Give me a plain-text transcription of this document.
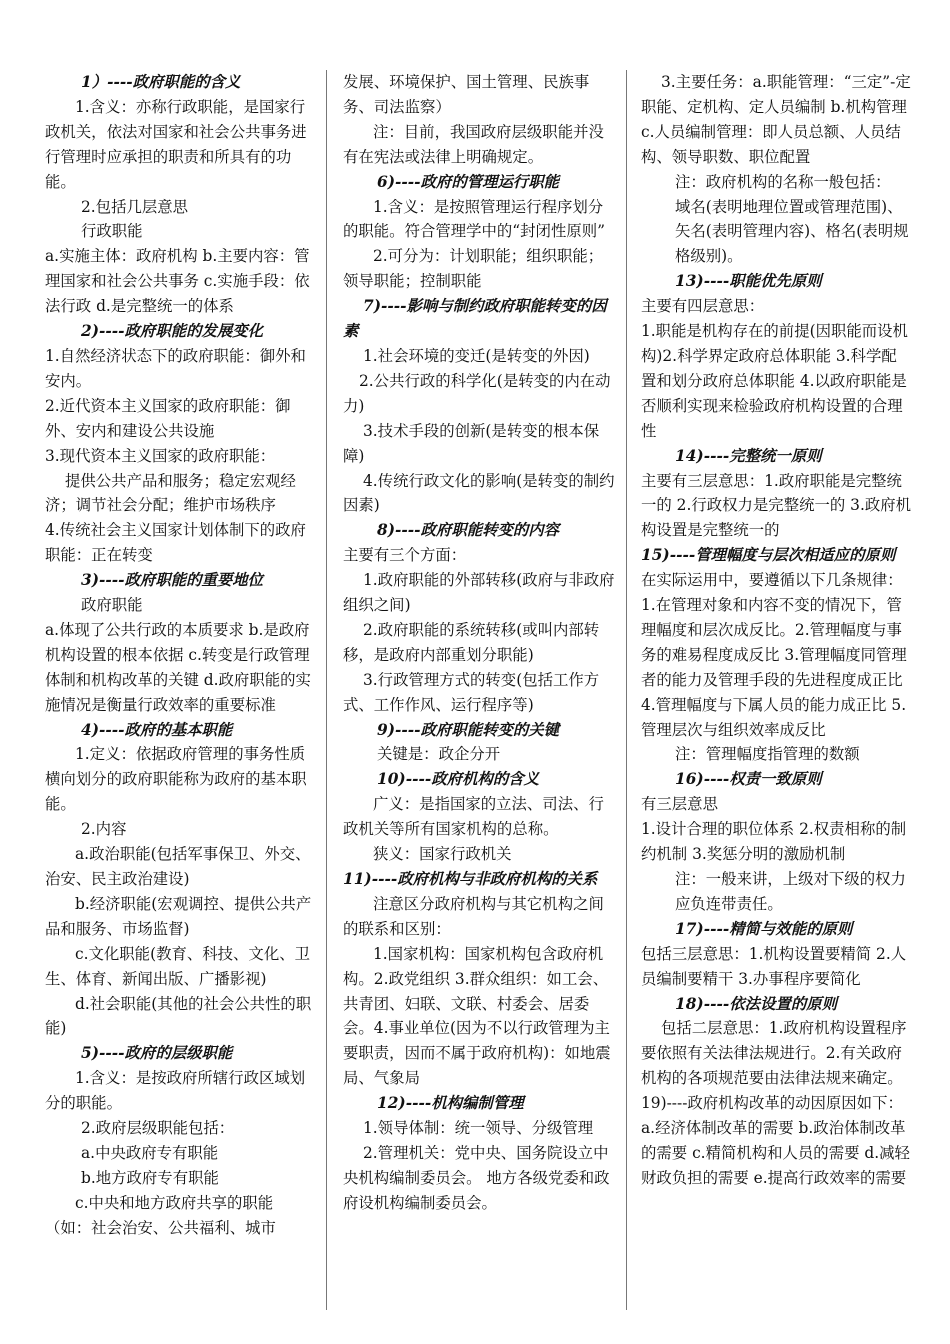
1）----政府职能的含义

1.含义：亦称行政职能，是国家行政机关，依法对国家和社会公共事务进行管理时应承担的职责和所具有的功能。

2.包括几层意思

行政职能

a.实施主体：政府机构 b.主要内容：管理国家和社会公共事务 c.实施手段：依法行政 d.是完整统一的体系

2)----政府职能的发展变化

1.自然经济状态下的政府职能：御外和安内。

2.近代资本主义国家的政府职能：御外、安内和建设公共设施

3.现代资本主义国家的政府职能：

提供公共产品和服务；稳定宏观经济；调节社会分配；维护市场秩序

4.传统社会主义国家计划体制下的政府职能：正在转变

3)----政府职能的重要地位

政府职能

a.体现了公共行政的本质要求 b.是政府机构设置的根本依据 c.转变是行政管理体制和机构改革的关键 d.政府职能的实施情况是衡量行政效率的重要标准

4)----政府的基本职能

1.定义：依据政府管理的事务性质横向划分的政府职能称为政府的基本职能。

2.内容

a.政治职能(包括军事保卫、外交、治安、民主政治建设)

b.经济职能(宏观调控、提供公共产品和服务、市场监督)

c.文化职能(教育、科技、文化、卫生、体育、新闻出版、广播影视)

d.社会职能(其他的社会公共性的职能)

5)----政府的层级职能

1.含义：是按政府所辖行政区域划分的职能。

2.政府层级职能包括：

a.中央政府专有职能

b.地方政府专有职能

c.中央和地方政府共享的职能（如：社会治安、公共福利、城市

发展、环境保护、国土管理、民族事务、司法监察）

注：目前，我国政府层级职能并没有在宪法或法律上明确规定。

6)----政府的管理运行职能

1.含义：是按照管理运行程序划分的职能。符合管理学中的“封闭性原则”

2.可分为：计划职能；组织职能；

领导职能；控制职能

7)----影响与制约政府职能转变的因素

1.社会环境的变迁(是转变的外因)

2.公共行政的科学化(是转变的内在动力)

3.技术手段的创新(是转变的根本保障)

4.传统行政文化的影响(是转变的制约因素)

8)----政府职能转变的内容

主要有三个方面：

1.政府职能的外部转移(政府与非政府组织之间)

2.政府职能的系统转移(或叫内部转移，是政府内部重划分职能)

3.行政管理方式的转变(包括工作方式、工作作风、运行程序等)

9)----政府职能转变的关键

关键是：政企分开

10)----政府机构的含义

广义：是指国家的立法、司法、行政机关等所有国家机构的总称。

狭义：国家行政机关

11)----政府机构与非政府机构的关系

注意区分政府机构与其它机构之间的联系和区别：

1.国家机构：国家机构包含政府机构。2.政党组织 3.群众组织：如工会、共青团、妇联、文联、村委会、居委会。4.事业单位(因为不以行政管理为主要职责，因而不属于政府机构)：如地震局、气象局

12)----机构编制管理

1.领导体制：统一领导、分级管理

2.管理机关：党中央、国务院设立中央机构编制委员会。 地方各级党委和政府设机构编制委员会。

3.主要任务：a.职能管理：“三定”-定职能、定机构、定人员编制 b.机构管理 c.人员编制管理：即人员总额、人员结构、领导职数、职位配置

注：政府机构的名称一般包括：

域名(表明地理位置或管理范围)、矢名(表明管理内容)、格名(表明规格级别)。

13)----职能优先原则

主要有四层意思：

1.职能是机构存在的前提(因职能而设机构)2.科学界定政府总体职能 3.科学配置和划分政府总体职能 4.以政府职能是否顺利实现来检验政府机构设置的合理性

14)----完整统一原则

主要有三层意思：1.政府职能是完整统一的 2.行政权力是完整统一的 3.政府机构设置是完整统一的

15)----管理幅度与层次相适应的原则

在实际运用中，要遵循以下几条规律：1.在管理对象和内容不变的情况下，管理幅度和层次成反比。2.管理幅度与事务的难易程度成反比 3.管理幅度同管理者的能力及管理手段的先进程度成正比 4.管理幅度与下属人员的能力成正比 5.管理层次与组织效率成反比

注：管理幅度指管理的数额

16)----权责一致原则

有三层意思

1.设计合理的职位体系 2.权责相称的制约机制 3.奖惩分明的激励机制

注：一般来讲，上级对下级的权力应负连带责任。

17)----精简与效能的原则

包括三层意思：1.机构设置要精简 2.人员编制要精干 3.办事程序要简化

18)----依法设置的原则

包括二层意思：1.政府机构设置程序要依照有关法律法规进行。2.有关政府机构的各项规范要由法律法规来确定。19)----政府机构改革的动因原因如下：

a.经济体制改革的需要 b.政治体制改革的需要 c.精简机构和人员的需要 d.减轻财政负担的需要 e.提高行政效率的需要
